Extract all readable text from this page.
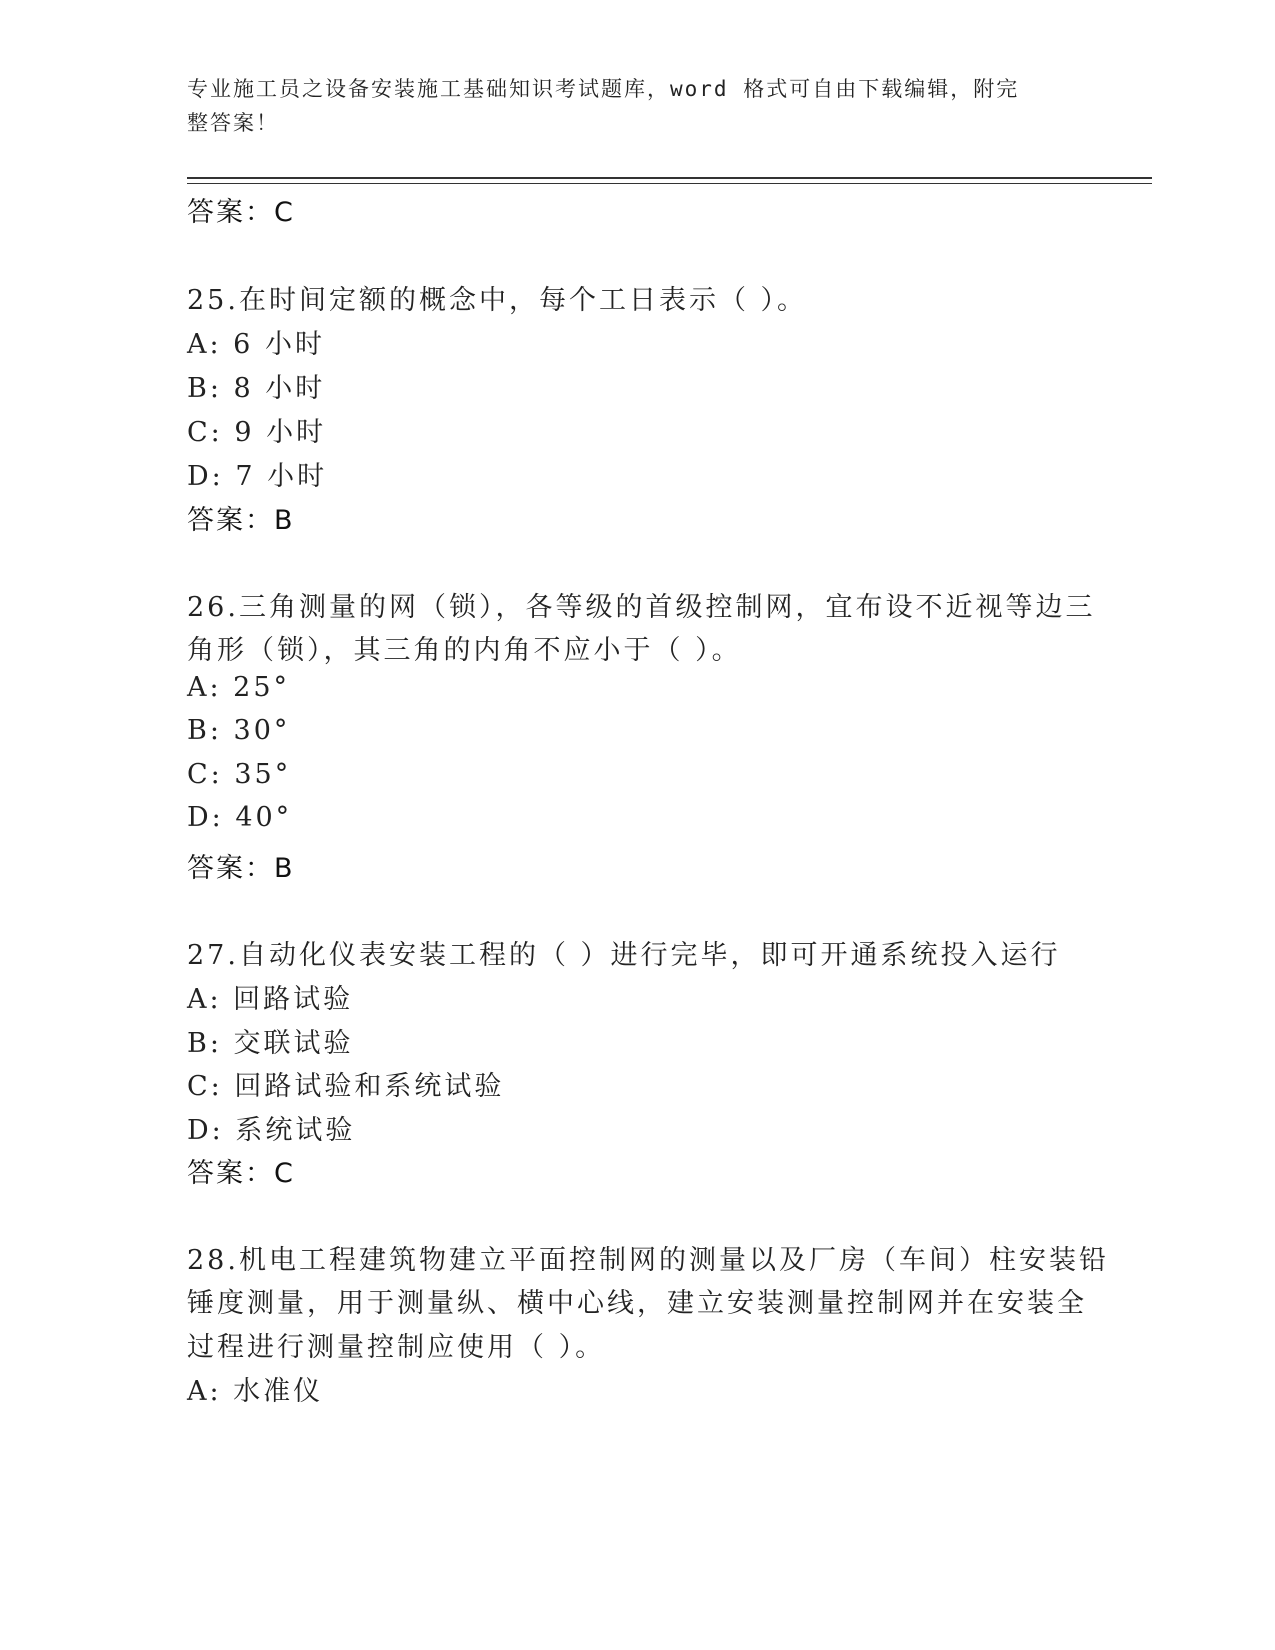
专业施工员之设备安装施工基础知识考试题库，word 格式可自由下载编辑，附完
整答案！
答案：C
25.在时间定额的概念中，每个工日表示（ ）。
A: 6 小时
B: 8 小时
C: 9 小时
D: 7 小时
答案：B
26.三角测量的网（锁），各等级的首级控制网，宜布设不近视等边三
角形（锁），其三角的内角不应小于（ ）。
A: 25°
B: 30°
C: 35°
D: 40°
答案：B
27.自动化仪表安装工程的（ ）进行完毕，即可开通系统投入运行
A: 回路试验
B: 交联试验
C: 回路试验和系统试验
D: 系统试验
答案：C
28.机电工程建筑物建立平面控制网的测量以及厂房（车间）柱安装铅
锤度测量，用于测量纵、横中心线，建立安装测量控制网并在安装全
过程进行测量控制应使用（ ）。
A: 水准仪
